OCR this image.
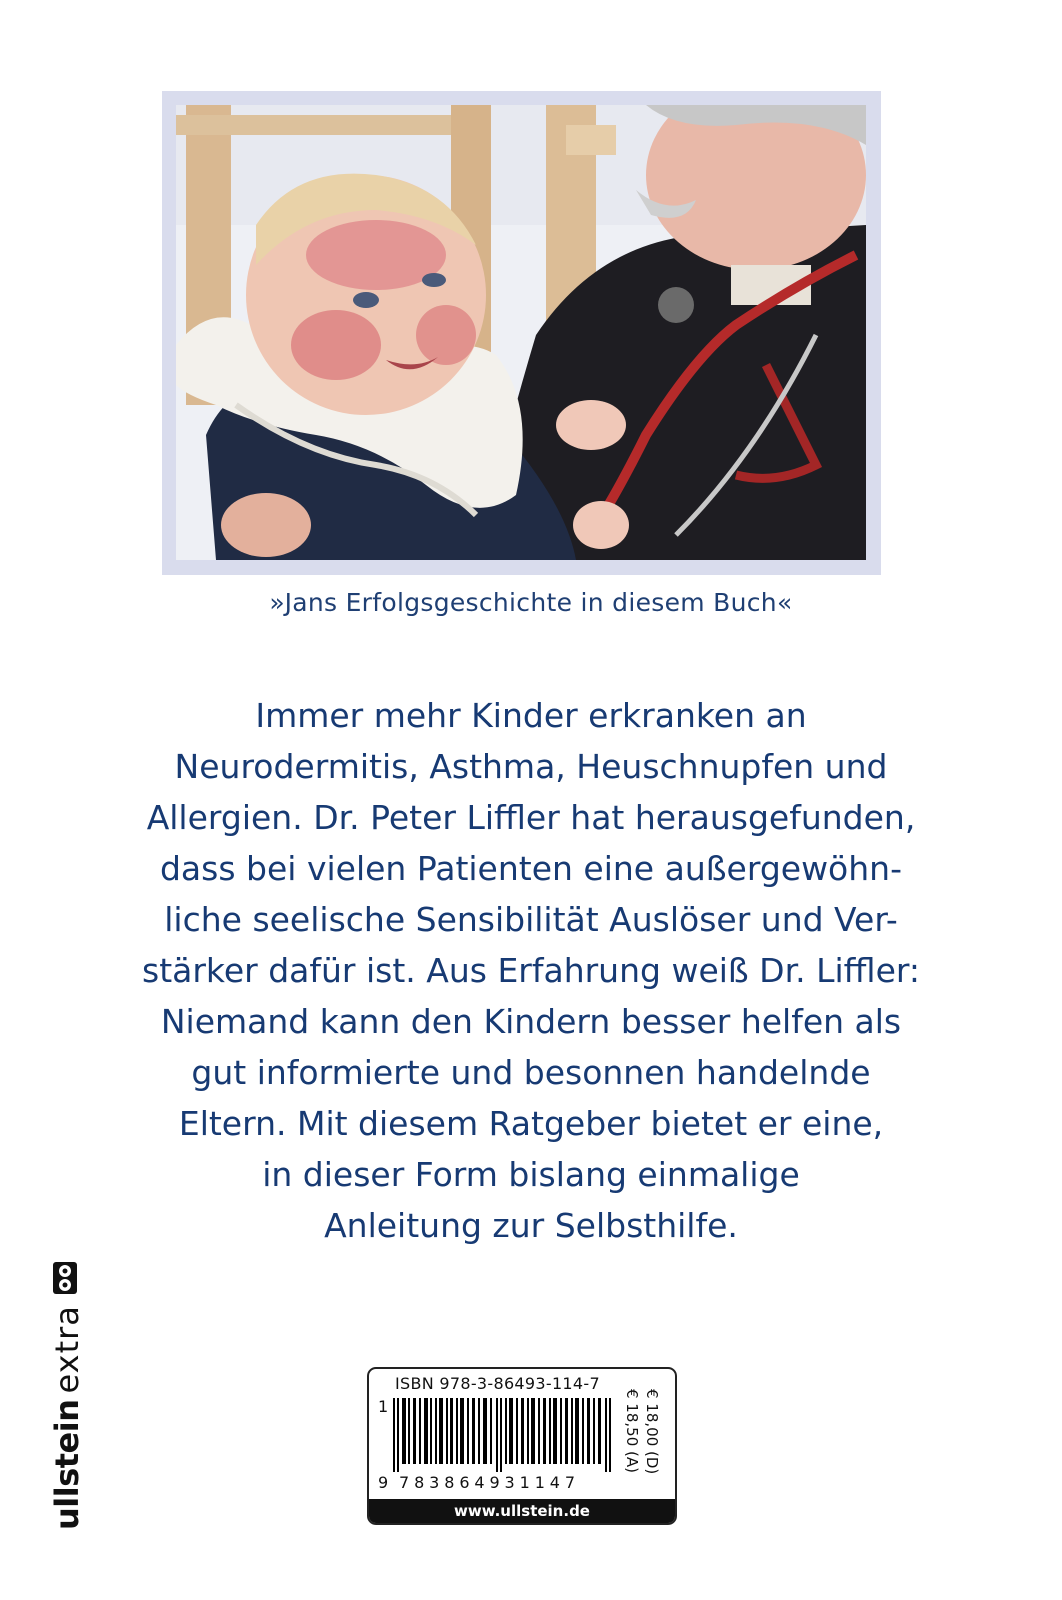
»Jans Erfolgsgeschichte in diesem Buch«
Immer mehr Kinder erkranken an
Neurodermitis, Asthma, Heuschnupfen und
Allergien. Dr. Peter Liffler hat herausgefunden,
dass bei vielen Patienten eine außergewöhn-
liche seelische Sensibilität Auslöser und Ver-
stärker dafür ist. Aus Erfahrung weiß Dr. Liffler:
Niemand kann den Kindern besser helfen als
gut informierte und besonnen handelnde
Eltern. Mit diesem Ratgeber bietet er eine,
in dieser Form bislang einmalige
Anleitung zur Selbsthilfe.
ullstein
extra	ISBN 978-3-86493-114-7
1
9 783864931147
€ 18,00 (D)
€ 18,50 (A)
www.ullstein.de
